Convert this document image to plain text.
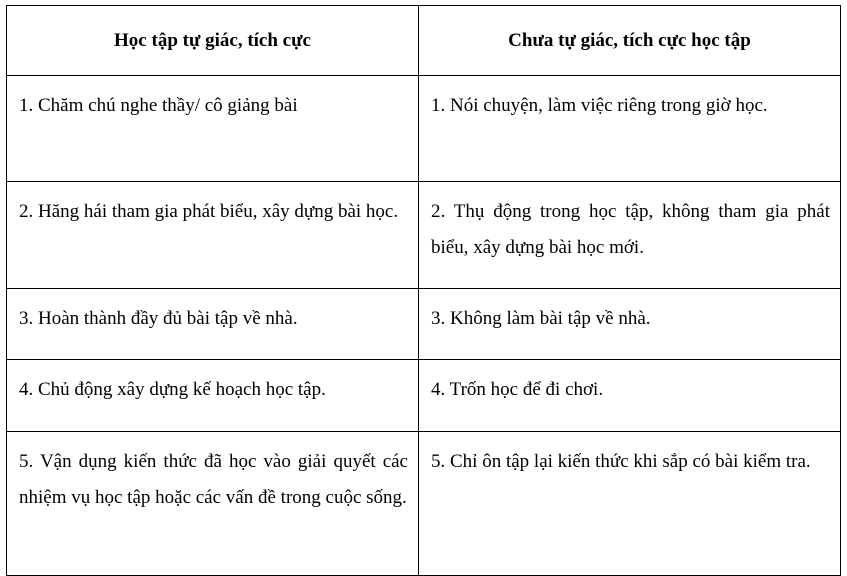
Học tập tự giác, tích cực	Chưa tự giác, tích cực học tập
1. Chăm chú nghe thầy/ cô giảng bài	1. Nói chuyện, làm việc riêng trong giờ học.
2. Hăng hái tham gia phát biểu, xây dựng bài học.	2. Thụ động trong học tập, không tham gia phát biểu, xây dựng bài học mới.
3. Hoàn thành đầy đủ bài tập về nhà.	3. Không làm bài tập về nhà.
4. Chủ động xây dựng kế hoạch học tập.	4. Trốn học để đi chơi.
5. Vận dụng kiến thức đã học vào giải quyết các nhiệm vụ học tập hoặc các vấn đề trong cuộc sống.	5. Chỉ ôn tập lại kiến thức khi sắp có bài kiểm tra.
